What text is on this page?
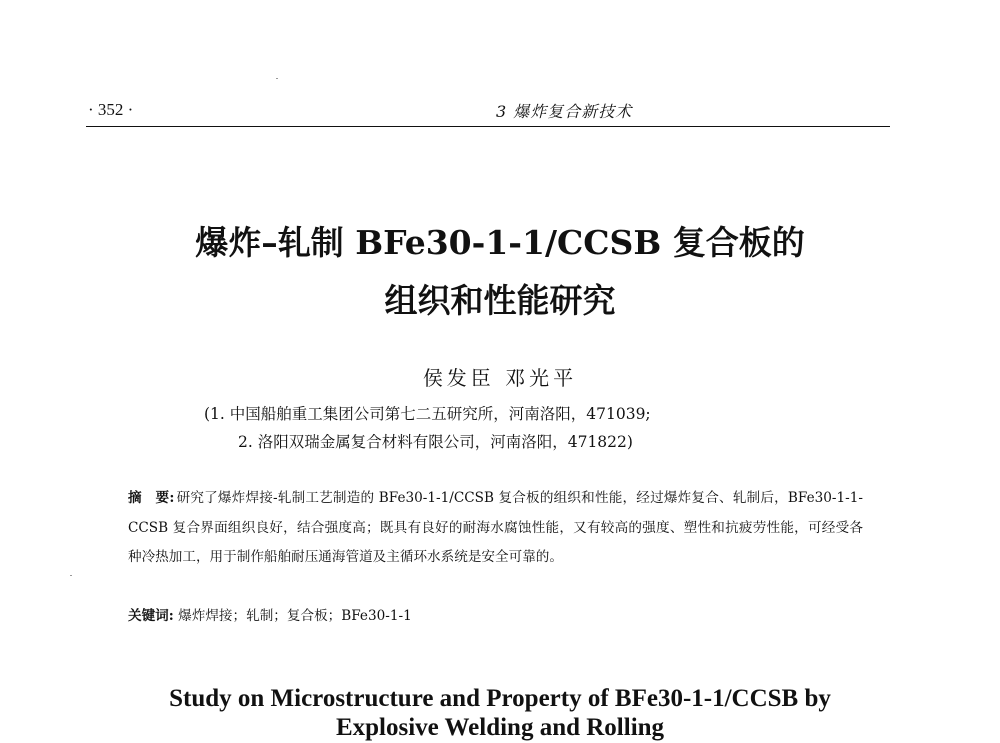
· 352 ·	3 爆炸复合新技术
爆炸–轧制 BFe30-1-1/CCSB 复合板的
组织和性能研究
侯发臣 邓光平
(1. 中国船舶重工集团公司第七二五研究所，河南洛阳，471039;
2. 洛阳双瑞金属复合材料有限公司，河南洛阳，471822)
摘　要: 研究了爆炸焊接-轧制工艺制造的 BFe30-1-1/CCSB 复合板的组织和性能，经过爆炸复合、轧制后，BFe30-1-1-CCSB 复合界面组织良好，结合强度高；既具有良好的耐海水腐蚀性能，又有较高的强度、塑性和抗疲劳性能，可经受各种冷热加工，用于制作船舶耐压通海管道及主循环水系统是安全可靠的。
关键词: 爆炸焊接；轧制；复合板；BFe30-1-1
Study on Microstructure and Property of BFe30-1-1/CCSB by
Explosive Welding and Rolling
